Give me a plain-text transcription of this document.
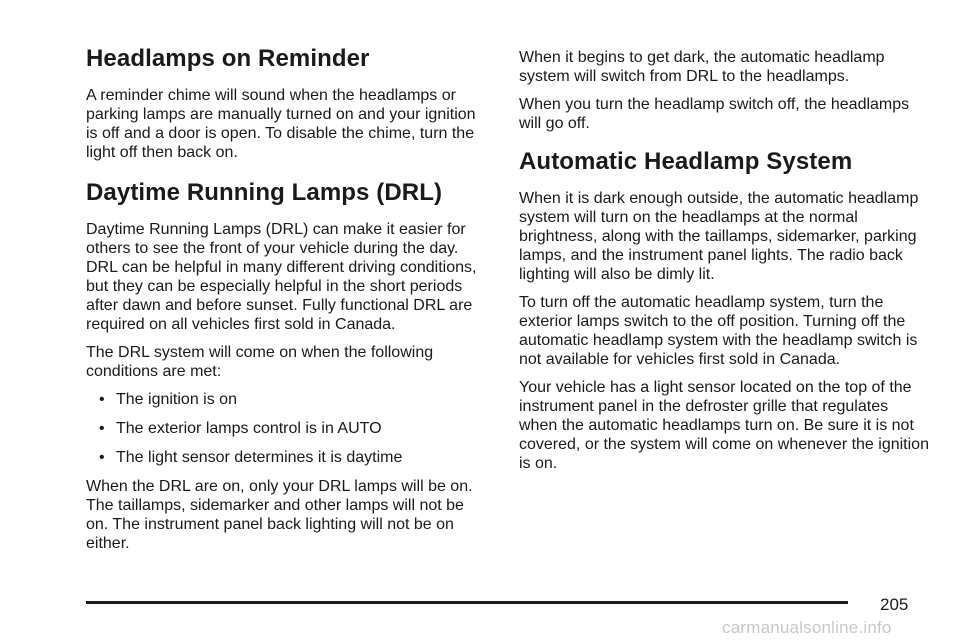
Headlamps on Reminder

A reminder chime will sound when the headlamps or parking lamps are manually turned on and your ignition is off and a door is open. To disable the chime, turn the light off then back on.

Daytime Running Lamps (DRL)

Daytime Running Lamps (DRL) can make it easier for others to see the front of your vehicle during the day. DRL can be helpful in many different driving conditions, but they can be especially helpful in the short periods after dawn and before sunset. Fully functional DRL are required on all vehicles first sold in Canada.

The DRL system will come on when the following conditions are met:

• The ignition is on
• The exterior lamps control is in AUTO
• The light sensor determines it is daytime

When the DRL are on, only your DRL lamps will be on. The taillamps, sidemarker and other lamps will not be on. The instrument panel back lighting will not be on either.

When it begins to get dark, the automatic headlamp system will switch from DRL to the headlamps.

When you turn the headlamp switch off, the headlamps will go off.

Automatic Headlamp System

When it is dark enough outside, the automatic headlamp system will turn on the headlamps at the normal brightness, along with the taillamps, sidemarker, parking lamps, and the instrument panel lights. The radio back lighting will also be dimly lit.

To turn off the automatic headlamp system, turn the exterior lamps switch to the off position. Turning off the automatic headlamp system with the headlamp switch is not available for vehicles first sold in Canada.

Your vehicle has a light sensor located on the top of the instrument panel in the defroster grille that regulates when the automatic headlamps turn on. Be sure it is not covered, or the system will come on whenever the ignition is on.

205
carmanualsonline.info
